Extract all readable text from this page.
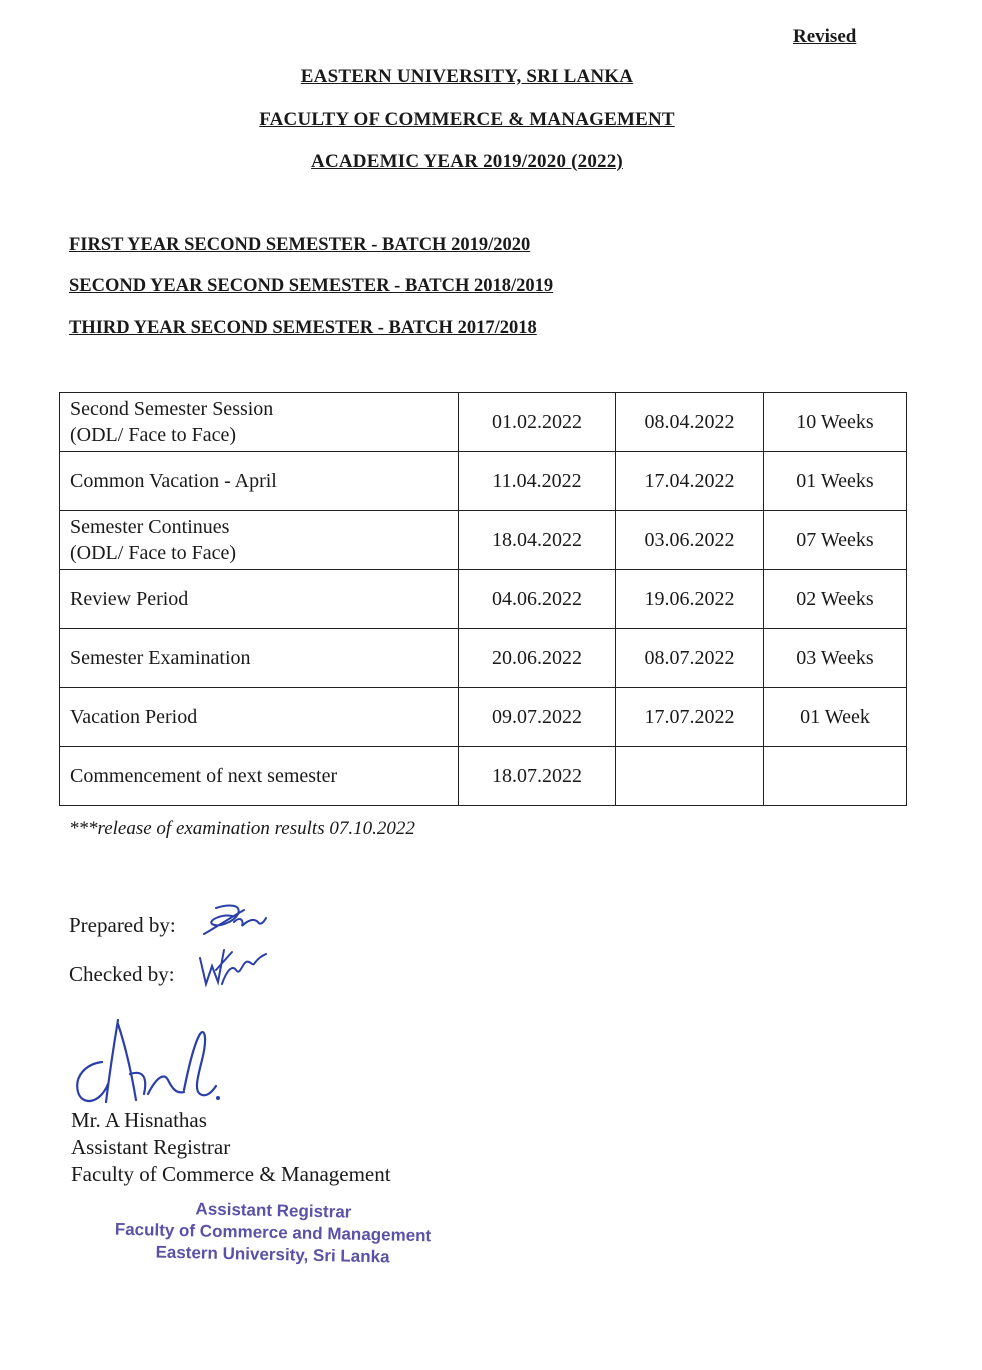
Revised
EASTERN UNIVERSITY, SRI LANKA
FACULTY OF COMMERCE & MANAGEMENT
ACADEMIC YEAR 2019/2020 (2022)
FIRST YEAR SECOND SEMESTER - BATCH 2019/2020
SECOND YEAR SECOND SEMESTER - BATCH 2018/2019
THIRD YEAR SECOND SEMESTER - BATCH 2017/2018
Second Semester Session
(ODL/ Face to Face)	01.02.2022	08.04.2022	10 Weeks

Common Vacation - April	11.04.2022	17.04.2022	01 Weeks

Semester Continues
(ODL/ Face to Face)	18.04.2022	03.06.2022	07 Weeks

Review Period	04.06.2022	19.06.2022	02 Weeks

Semester Examination	20.06.2022	08.07.2022	03 Weeks

Vacation Period	09.07.2022	17.07.2022	01 Week

Commencement of next semester	18.07.2022		
***release of examination results 07.10.2022
Prepared by:
Checked by:
Mr. A Hisnathas
Assistant Registrar
Faculty of Commerce & Management
Assistant Registrar
Faculty of Commerce and Management
Eastern University, Sri Lanka
